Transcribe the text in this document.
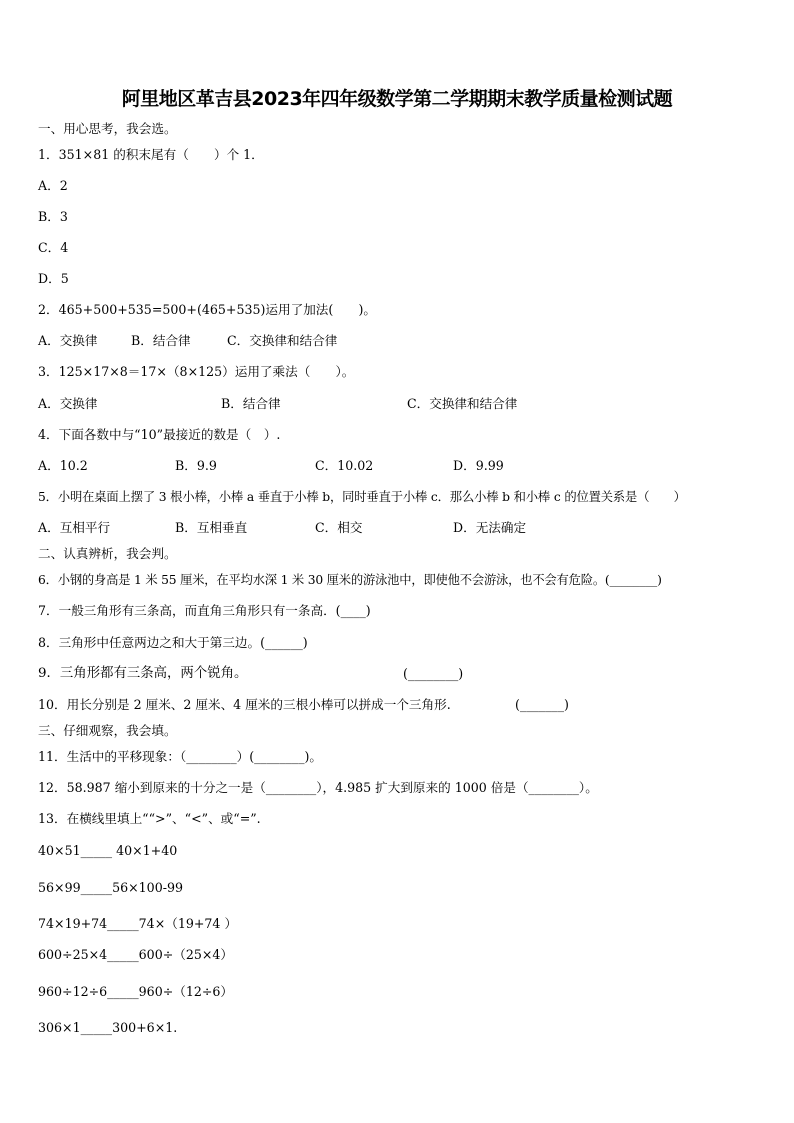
阿里地区革吉县2023年四年级数学第二学期期末教学质量检测试题
一、用心思考，我会选。
1．351×81 的积末尾有（　　）个 1．
A．2
B．3
C．4
D．5
2．465+500+535=500+(465+535)运用了加法(　　)。
A．交换律	B．结合律	C．交换律和结合律
3．125×17×8＝17×（8×125）运用了乘法（　　）。
A．交换律	B．结合律	C．交换律和结合律
4．下面各数中与“10”最接近的数是（　）.
A．10.2	B．9.9	C．10.02	D．9.99
5．小明在桌面上摆了 3 根小棒，小棒 a 垂直于小棒 b，同时垂直于小棒 c．那么小棒 b 和小棒 c 的位置关系是（　　）
A．互相平行	B．互相垂直	C．相交	D．无法确定
二、认真辨析，我会判。
6．小钢的身高是 1 米 55 厘米，在平均水深 1 米 30 厘米的游泳池中，即使他不会游泳，也不会有危险。(________)
7．一般三角形有三条高，而直角三角形只有一条高．(____)
8．三角形中任意两边之和大于第三边。(______)
9．三角形都有三条高，两个锐角。	(________)
10．用长分别是 2 厘米、2 厘米、4 厘米的三根小棒可以拼成一个三角形.	(_______)
三、仔细观察，我会填。
11．生活中的平移现象：（________）(________)。
12．58.987 缩小到原来的十分之一是（________），4.985 扩大到原来的 1000 倍是（________）。
13．在横线里填上““>”、“<”、或“=”.
40×51_____ 40×1+40
56×99_____56×100-99
74×19+74_____74×（19+74 ）
600÷25×4_____600÷（25×4）
960÷12÷6_____960÷（12÷6）
306×1_____300+6×1.
